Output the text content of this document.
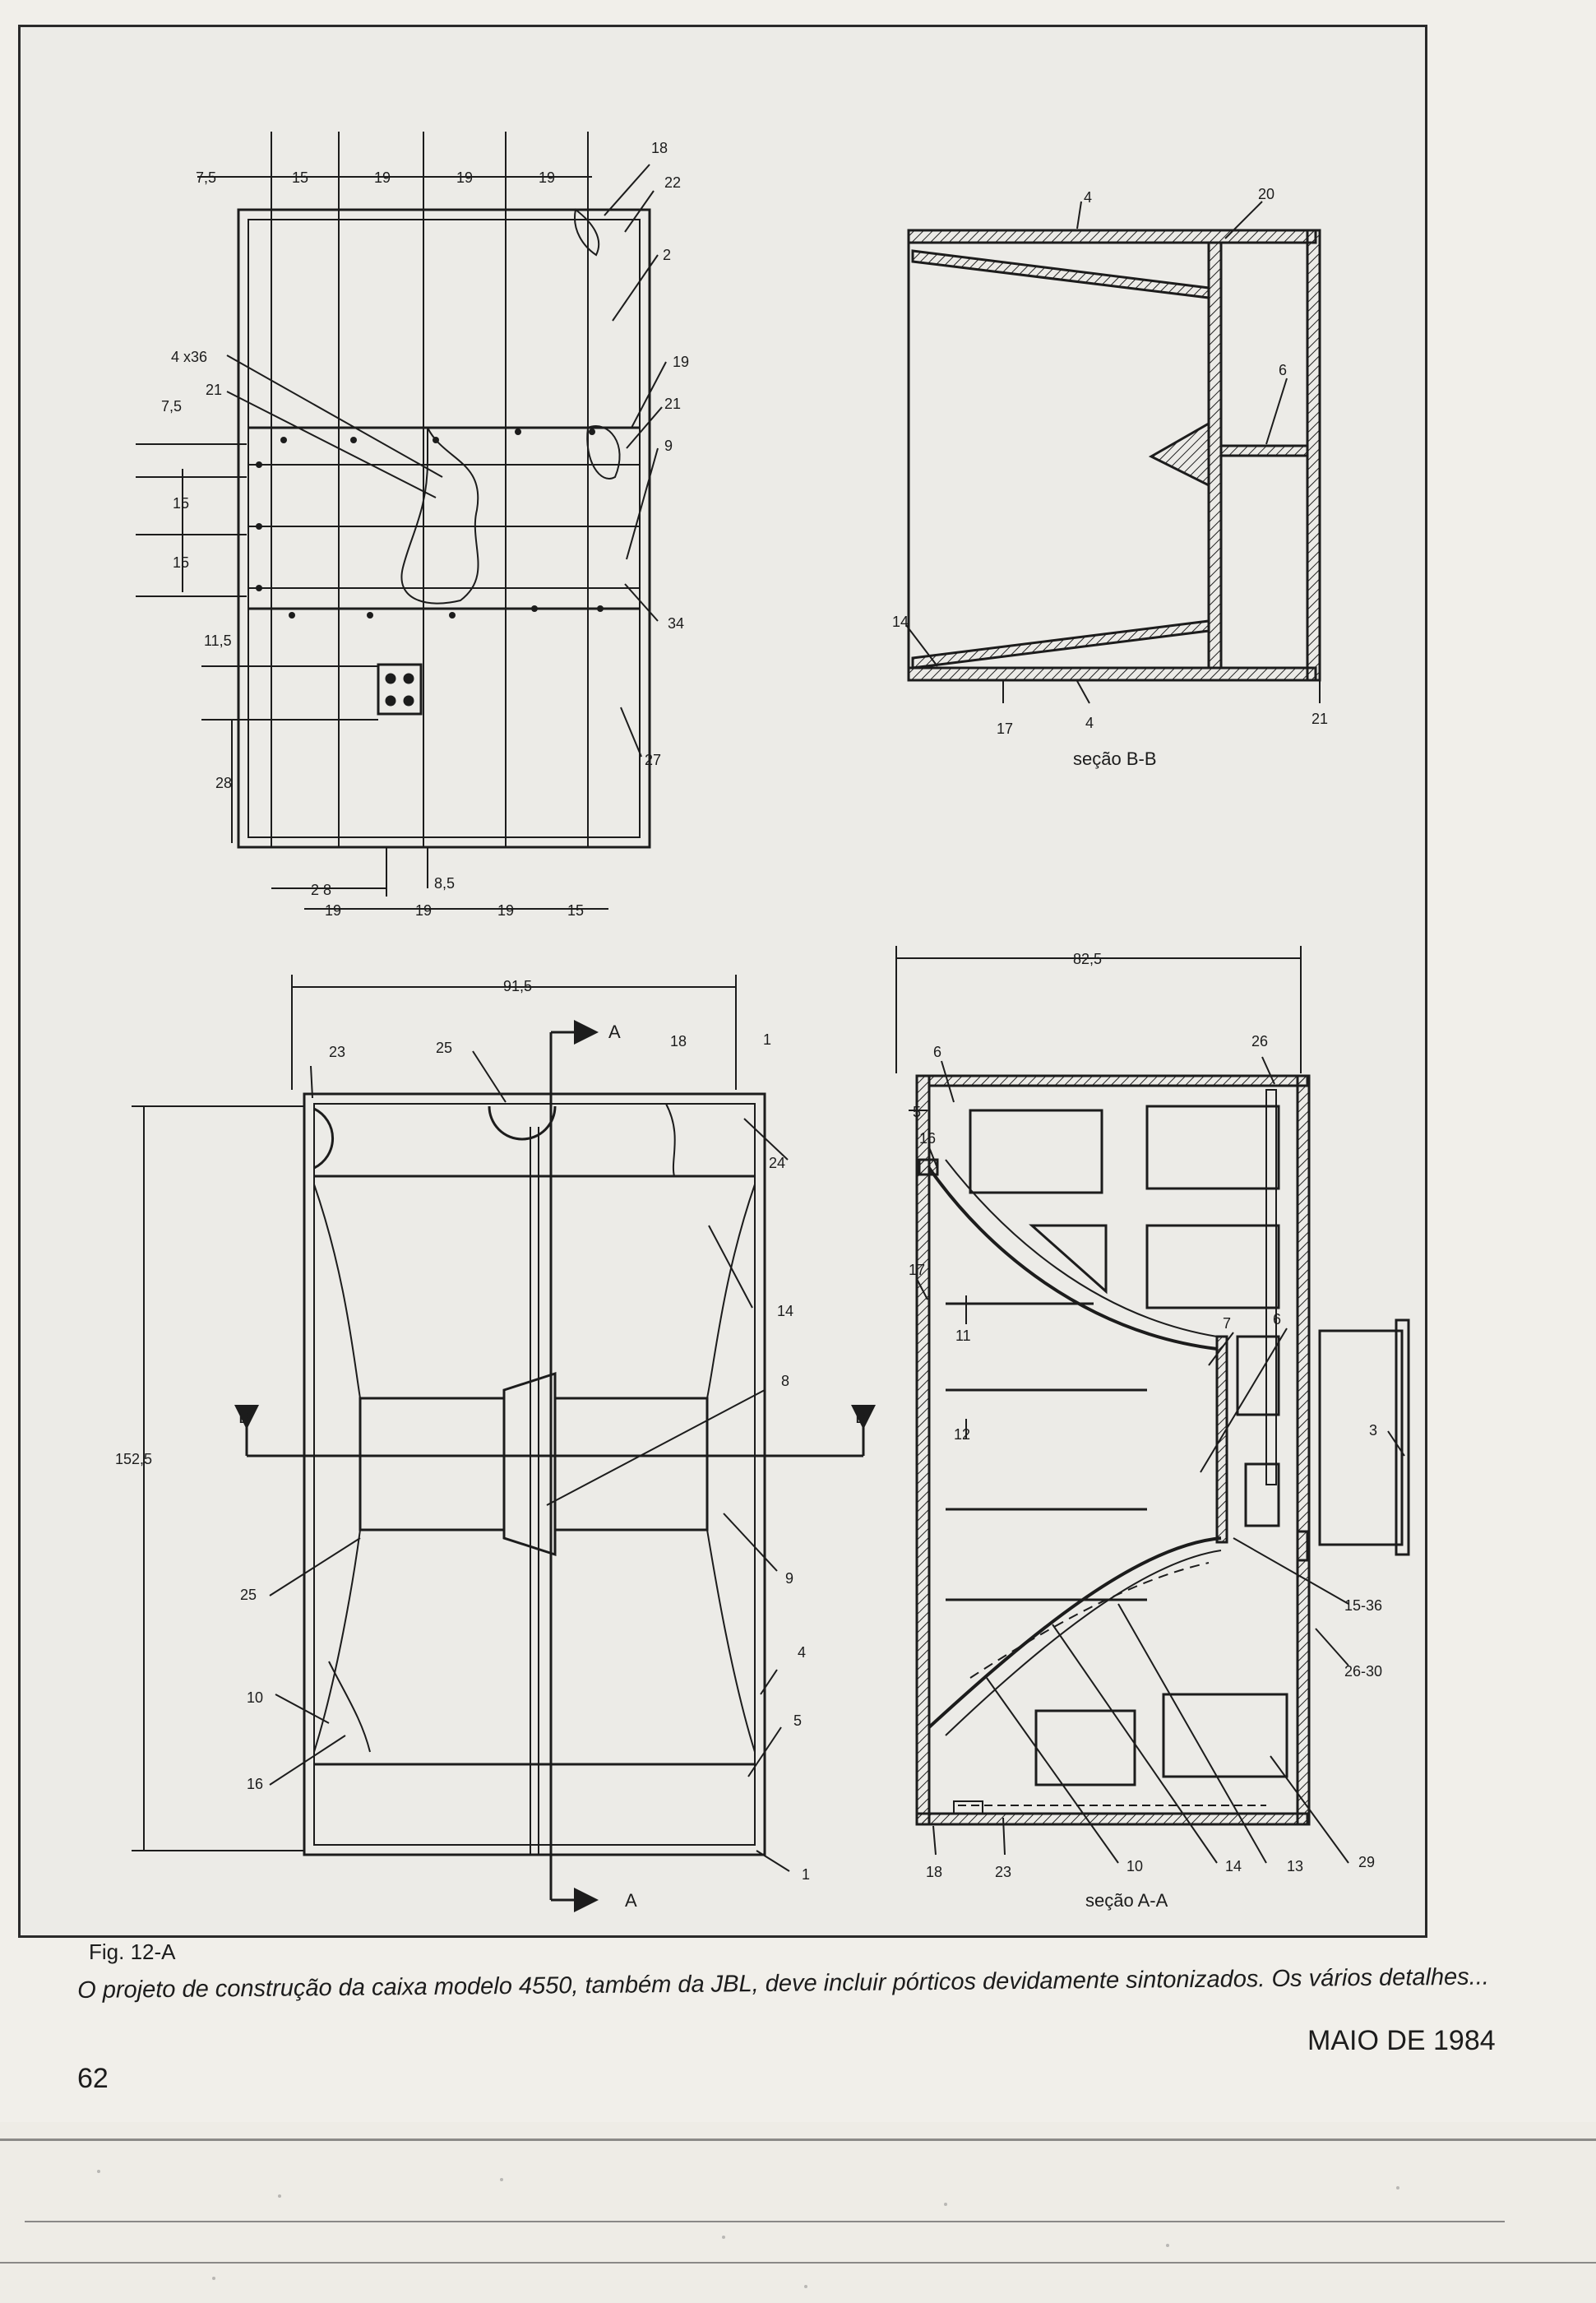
7,5	15	19	19	19
7,5
15
15
11,5
28
2 8	8,5
19	19	19	15
18
22
2
4 x36
21
19
21
9
34
27
4	20
6
14
17	4	21
seção B-B
91,5
152,5
A
A
B	B
23	25	18	1
24
14
8
9
4
5
25
10
16
1
82,5
6
26
5
16
17
11
7	6
3
12
15-36
26-30
18	23	10	14	13	29
seção A-A
Fig. 12-A
O projeto de construção da caixa modelo 4550, também da JBL, deve incluir pórticos devidamente sintonizados. Os vários detalhes...
MAIO DE 1984
62
